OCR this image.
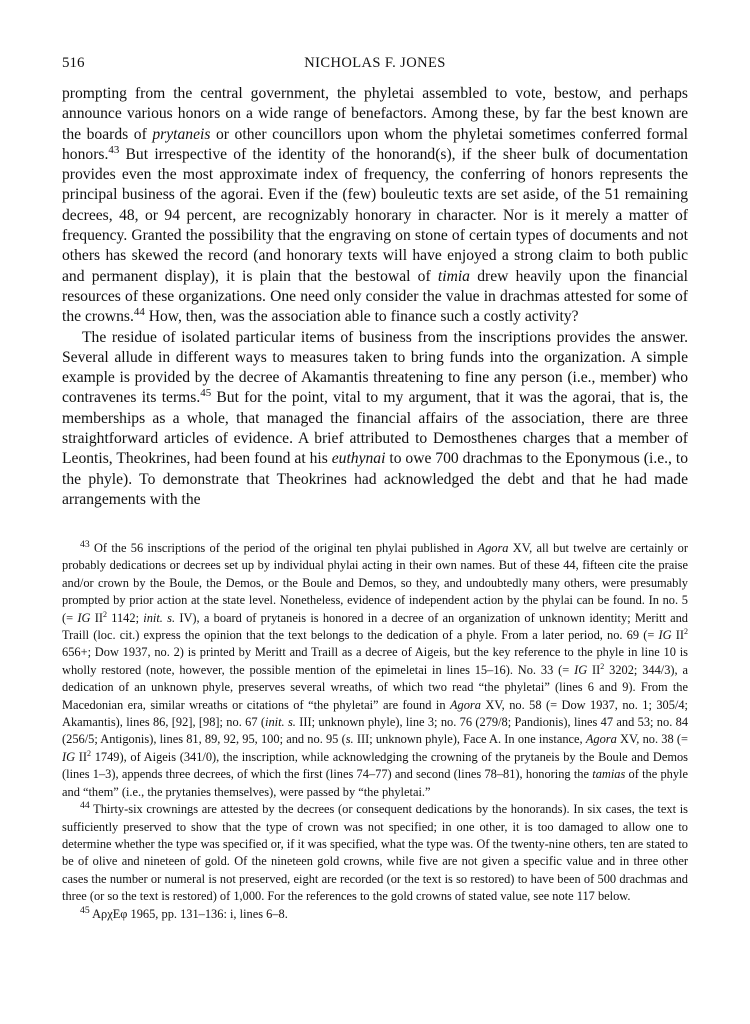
516	NICHOLAS F. JONES

prompting from the central government, the phyletai assembled to vote, bestow, and perhaps announce various honors on a wide range of benefactors. Among these, by far the best known are the boards of prytaneis or other councillors upon whom the phyletai sometimes conferred formal honors.$^{43}$ But irrespective of the identity of the honorand(s), if the sheer bulk of documentation provides even the most approximate index of frequency, the conferring of honors represents the principal business of the agorai. Even if the (few) bouleutic texts are set aside, of the 51 remaining decrees, 48, or 94 percent, are recognizably honorary in character. Nor is it merely a matter of frequency. Granted the possibility that the engraving on stone of certain types of documents and not others has skewed the record (and honorary texts will have enjoyed a strong claim to both public and permanent display), it is plain that the bestowal of timia drew heavily upon the financial resources of these organizations. One need only consider the value in drachmas attested for some of the crowns.$^{44}$ How, then, was the association able to finance such a costly activity?

The residue of isolated particular items of business from the inscriptions provides the answer. Several allude in different ways to measures taken to bring funds into the organization. A simple example is provided by the decree of Akamantis threatening to fine any person (i.e., member) who contravenes its terms.$^{45}$ But for the point, vital to my argument, that it was the agorai, that is, the memberships as a whole, that managed the financial affairs of the association, there are three straightforward articles of evidence. A brief attributed to Demosthenes charges that a member of Leontis, Theokrines, had been found at his euthynai to owe 700 drachmas to the Eponymous (i.e., to the phyle). To demonstrate that Theokrines had acknowledged the debt and that he had made arrangements with the

$^{43}$ Of the 56 inscriptions of the period of the original ten phylai published in Agora XV, all but twelve are certainly or probably dedications or decrees set up by individual phylai acting in their own names. But of these 44, fifteen cite the praise and/or crown by the Boule, the Demos, or the Boule and Demos, so they, and undoubtedly many others, were presumably prompted by prior action at the state level. Nonetheless, evidence of independent action by the phylai can be found. In no. 5 (= IG $II^2$ 1142; init. s. IV), a board of prytaneis is honored in a decree of an organization of unknown identity; Meritt and Traill (loc. cit.) express the opinion that the text belongs to the dedication of a phyle. From a later period, no. 69 (= IG $II^2$ 656+; Dow 1937, no. 2) is printed by Meritt and Traill as a decree of Aigeis, but the key reference to the phyle in line 10 is wholly restored (note, however, the possible mention of the epimeletai in lines 15–16). No. 33 (= IG $II^2$ 3202; 344/3), a dedication of an unknown phyle, preserves several wreaths, of which two read “the phyletai” (lines 6 and 9). From the Macedonian era, similar wreaths or citations of “the phyletai” are found in Agora XV, no. 58 (= Dow 1937, no. 1; 305/4; Akamantis), lines 86, [92], [98]; no. 67 (init. s. III; unknown phyle), line 3; no. 76 (279/8; Pandionis), lines 47 and 53; no. 84 (256/5; Antigonis), lines 81, 89, 92, 95, 100; and no. 95 (s. III; unknown phyle), Face A. In one instance, Agora XV, no. 38 (= IG $II^2$ 1749), of Aigeis (341/0), the inscription, while acknowledging the crowning of the prytaneis by the Boule and Demos (lines 1–3), appends three decrees, of which the first (lines 74–77) and second (lines 78–81), honoring the tamias of the phyle and “them” (i.e., the prytanies themselves), were passed by “the phyletai.”

$^{44}$ Thirty-six crownings are attested by the decrees (or consequent dedications by the honorands). In six cases, the text is sufficiently preserved to show that the type of crown was not specified; in one other, it is too damaged to allow one to determine whether the type was specified or, if it was specified, what the type was. Of the twenty-nine others, ten are stated to be of olive and nineteen of gold. Of the nineteen gold crowns, while five are not given a specific value and in three other cases the number or numeral is not preserved, eight are recorded (or the text is so restored) to have been of 500 drachmas and three (or so the text is restored) of 1,000. For the references to the gold crowns of stated value, see note 117 below.

$^{45}$ ΑρχΕφ 1965, pp. 131–136: i, lines 6–8.
